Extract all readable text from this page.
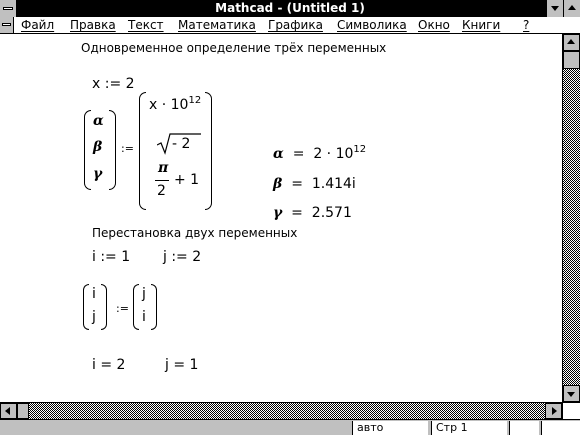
Mathcad - (Untitled 1)
Файл Правка Текст Математика Графика Символика Окно Книги ?
Одновременное определение трёх переменных
x := 2
α
β
γ
:=
$x \cdot 10^{12}$
- 2
π
2
+ 1
$\alpha = 2 \cdot 10^{12}$
β = 1.414i
γ = 2.571
Перестановка двух переменных
i := 1 j := 2
i
j
:=
j
i
i = 2	j = 1
авто	Стр 1
